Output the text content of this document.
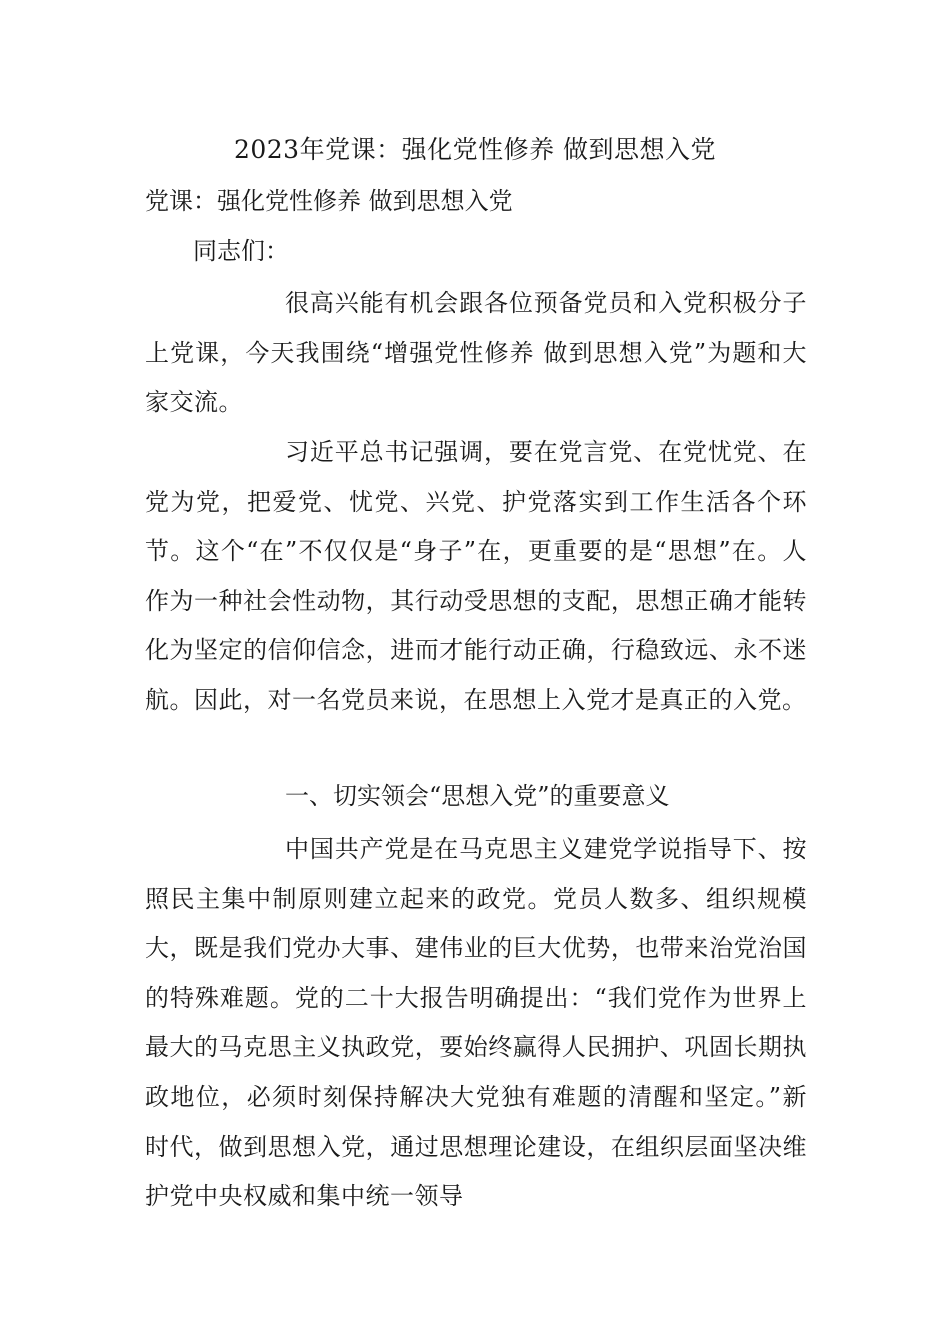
2023年党课：强化党性修养 做到思想入党
党课：强化党性修养 做到思想入党
同志们：
很高兴能有机会跟各位预备党员和入党积极分子上党课，今天我围绕“增强党性修养 做到思想入党”为题和大家交流。
习近平总书记强调，要在党言党、在党忧党、在党为党，把爱党、忧党、兴党、护党落实到工作生活各个环节。这个“在”不仅仅是“身子”在，更重要的是“思想”在。人作为一种社会性动物，其行动受思想的支配，思想正确才能转化为坚定的信仰信念，进而才能行动正确，行稳致远、永不迷航。因此，对一名党员来说，在思想上入党才是真正的入党。
一、切实领会“思想入党”的重要意义
中国共产党是在马克思主义建党学说指导下、按照民主集中制原则建立起来的政党。党员人数多、组织规模大，既是我们党办大事、建伟业的巨大优势，也带来治党治国的特殊难题。党的二十大报告明确提出：“我们党作为世界上最大的马克思主义执政党，要始终赢得人民拥护、巩固长期执政地位，必须时刻保持解决大党独有难题的清醒和坚定。”新时代，做到思想入党，通过思想理论建设，在组织层面坚决维护党中央权威和集中统一领导
